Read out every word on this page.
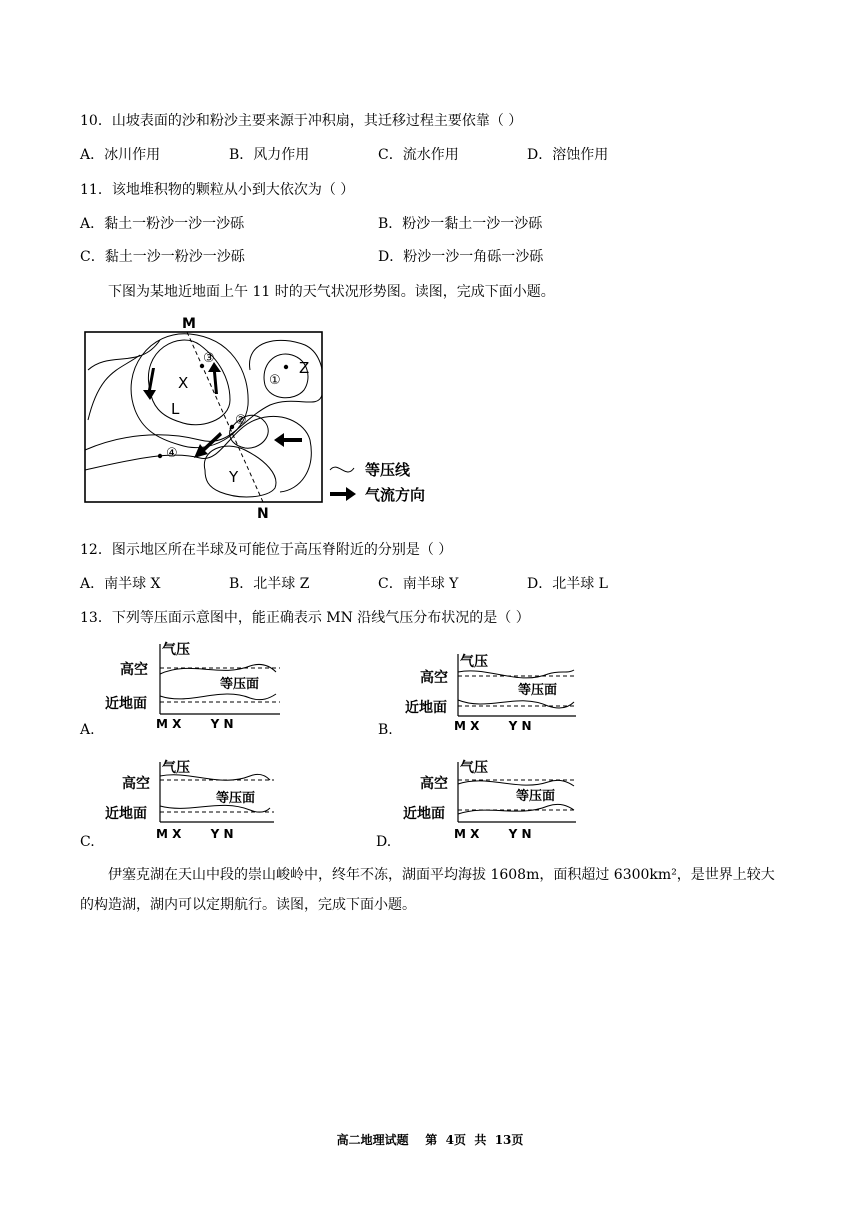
10．山坡表面的沙和粉沙主要来源于冲积扇，其迁移过程主要依靠（ ）
A．冰川作用	B．风力作用	C．流水作用	D．溶蚀作用
11．该地堆积物的颗粒从小到大依次为（ ）
A．黏土一粉沙一沙一沙砾	B．粉沙一黏土一沙一沙砾
C．黏土一沙一粉沙一沙砾	D．粉沙一沙一角砾一沙砾
下图为某地近地面上午 11 时的天气状况形势图。读图，完成下面小题。
M
N
X
Y
Z
L
①
②
③
④
等压线
气流方向
12．图示地区所在半球及可能位于高压脊附近的分别是（ ）
A．南半球 X	B．北半球 Z	C．南半球 Y	D．北半球 L
13．下列等压面示意图中，能正确表示 MN 沿线气压分布状况的是（ ）
气压
高空
近地面
等压面
M X       Y N
A.
气压
高空
近地面
等压面
M X       Y N
B.
气压
高空
近地面
等压面
M X       Y N
C.
气压
高空
近地面
等压面
M X       Y N
D.
伊塞克湖在天山中段的崇山峻岭中，终年不冻，湖面平均海拔 1608m，面积超过 6300km²，是世界上较大的构造湖，湖内可以定期航行。读图，完成下面小题。
高二地理试题    第  4页  共  13页
